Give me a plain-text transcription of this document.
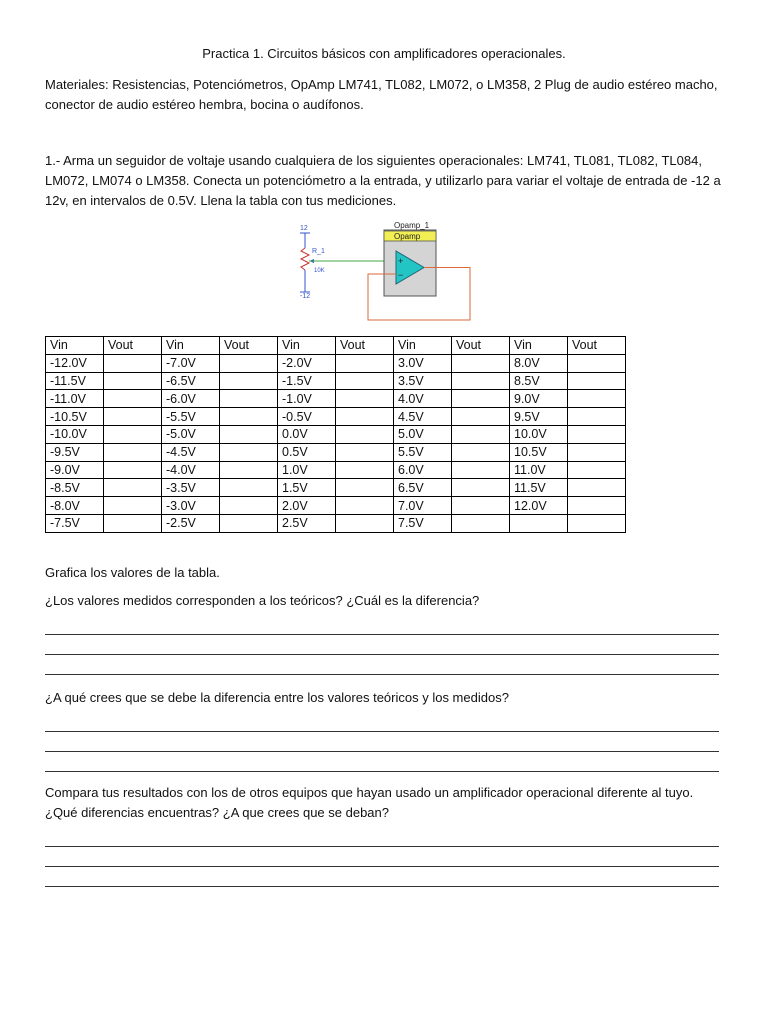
Practica 1. Circuitos básicos con amplificadores operacionales.
Materiales: Resistencias, Potenciómetros, OpAmp LM741, TL082, LM072, o LM358, 2 Plug de audio estéreo macho, conector de audio estéreo hembra, bocina o audífonos.
1.- Arma un seguidor de voltaje usando cualquiera de los siguientes operacionales: LM741, TL081, TL082, TL084, LM072, LM074 o LM358. Conecta un potenciómetro a la entrada, y utilizarlo para variar el voltaje de entrada de -12 a 12v, en intervalos de 0.5V. Llena la tabla con tus mediciones.
12
-12
R_1
10K
Opamp_1
Opamp
+
−
Vin	Vout	Vin	Vout	Vin	Vout	Vin	Vout	Vin	Vout
-12.0V		-7.0V		-2.0V		3.0V		8.0V	
-11.5V		-6.5V		-1.5V		3.5V		8.5V	
-11.0V		-6.0V		-1.0V		4.0V		9.0V	
-10.5V		-5.5V		-0.5V		4.5V		9.5V	
-10.0V		-5.0V		0.0V		5.0V		10.0V	
-9.5V		-4.5V		0.5V		5.5V		10.5V	
-9.0V		-4.0V		1.0V		6.0V		11.0V	
-8.5V		-3.5V		1.5V		6.5V		11.5V	
-8.0V		-3.0V		2.0V		7.0V		12.0V	
-7.5V		-2.5V		2.5V		7.5V			
Grafica los valores de la tabla.
¿Los valores medidos corresponden a los teóricos? ¿Cuál es la diferencia?
¿A qué crees que se debe la diferencia entre los valores teóricos y los medidos?
Compara tus resultados con los de otros equipos que hayan usado un amplificador operacional diferente al tuyo. ¿Qué diferencias encuentras? ¿A que crees que se deban?
